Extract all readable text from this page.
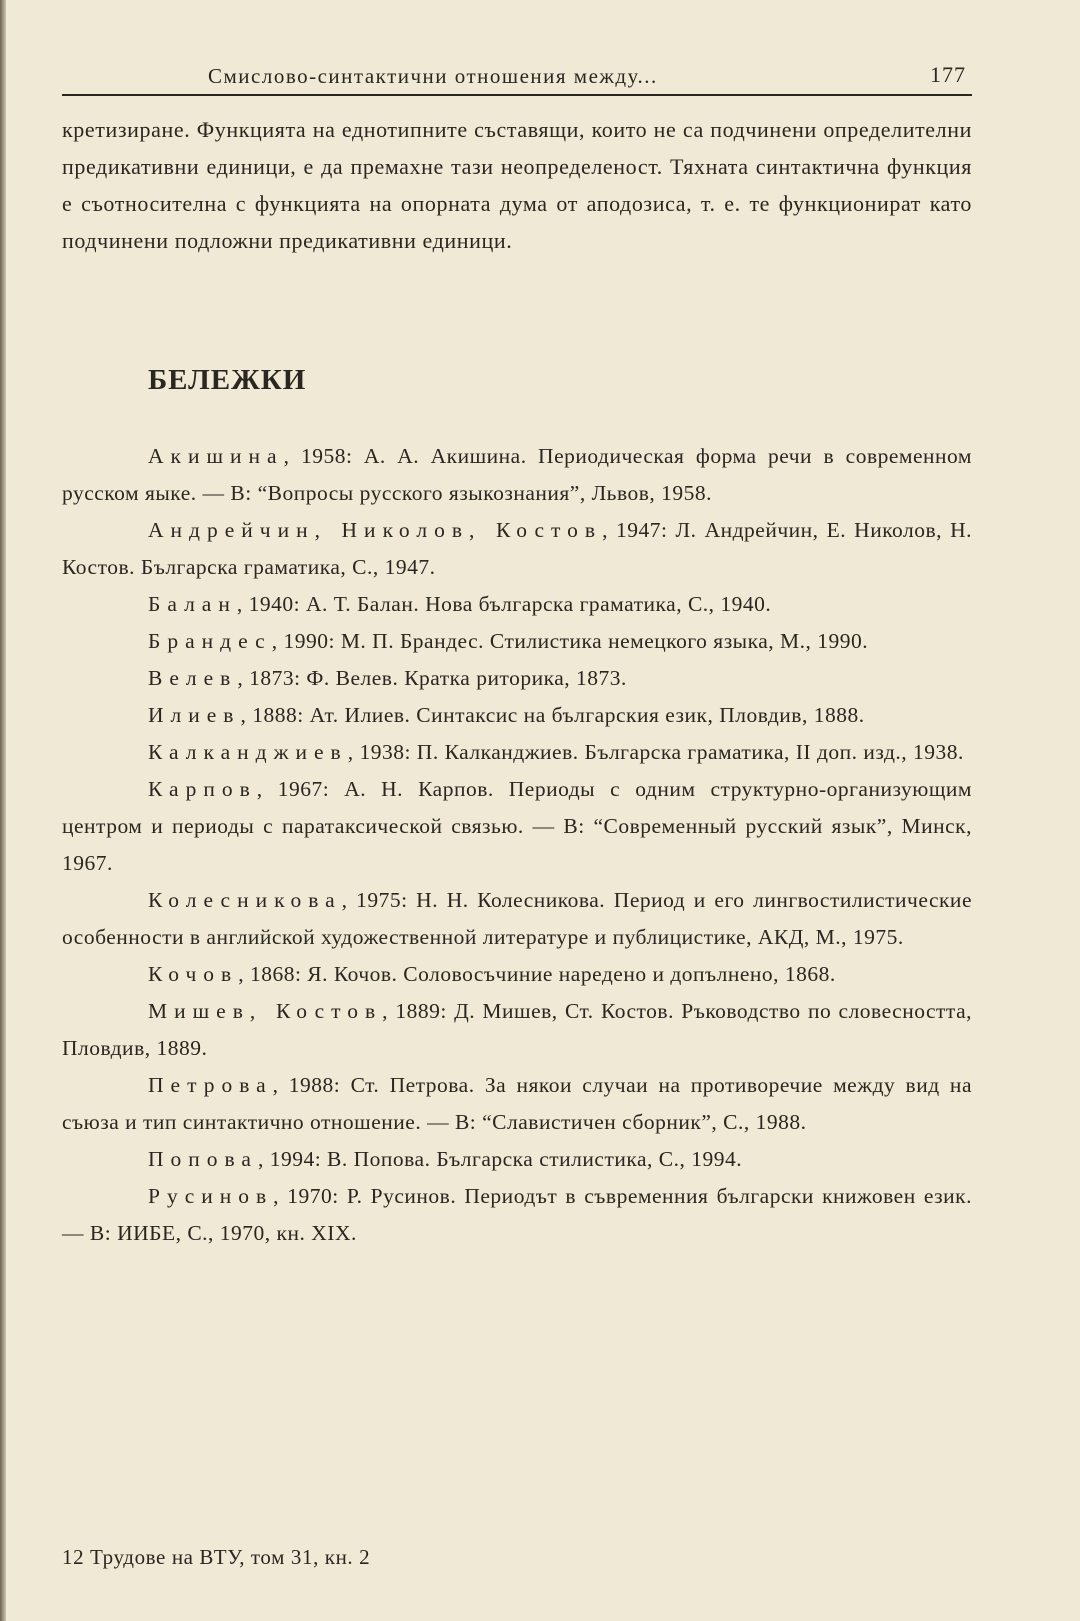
Смислово-синтактични отношения между...	177

кретизиране. Функцията на еднотипните съставящи, които не са подчинени определителни предикативни единици, е да премахне тази неопределеност. Тяхната синтактична функция е съотносителна с функцията на опорната дума от аподозиса, т. е. те функционират като подчинени подложни предикативни единици.

БЕЛЕЖКИ

Акишина, 1958: А. А. Акишина. Периодическая форма речи в современном русском яыке. — В: “Вопросы русского языкознания”, Львов, 1958.

Андрейчин, Николов, Костов, 1947: Л. Андрейчин, Е. Николов, Н. Костов. Българска граматика, С., 1947.

Балан, 1940: А. Т. Балан. Нова българска граматика, С., 1940.

Брандес, 1990: М. П. Брандес. Стилистика немецкого языка, М., 1990.

Велев, 1873: Ф. Велев. Кратка риторика, 1873.

Илиев, 1888: Ат. Илиев. Синтаксис на българския език, Пловдив, 1888.

Калканджиев, 1938: П. Калканджиев. Българска граматика, II доп. изд., 1938.

Карпов, 1967: А. Н. Карпов. Периоды с одним структурно-организующим центром и периоды с паратаксической связью. — В: “Современный русский язык”, Минск, 1967.

Колесникова, 1975: Н. Н. Колесникова. Период и его лингвостилистические особенности в английской художественной литературе и публицистике, АКД, М., 1975.

Кочов, 1868: Я. Кочов. Соловосъчиние наредено и допълнено, 1868.

Мишев, Костов, 1889: Д. Мишев, Ст. Костов. Ръководство по словесността, Пловдив, 1889.

Петрова, 1988: Ст. Петрова. За някои случаи на противоречие между вид на съюза и тип синтактично отношение. — В: “Славистичен сборник”, С., 1988.

Попова, 1994: В. Попова. Българска стилистика, С., 1994.

Русинов, 1970: Р. Русинов. Периодът в съвременния български книжовен език. — В: ИИБЕ, С., 1970, кн. XIX.

12 Трудове на ВТУ, том 31, кн. 2
